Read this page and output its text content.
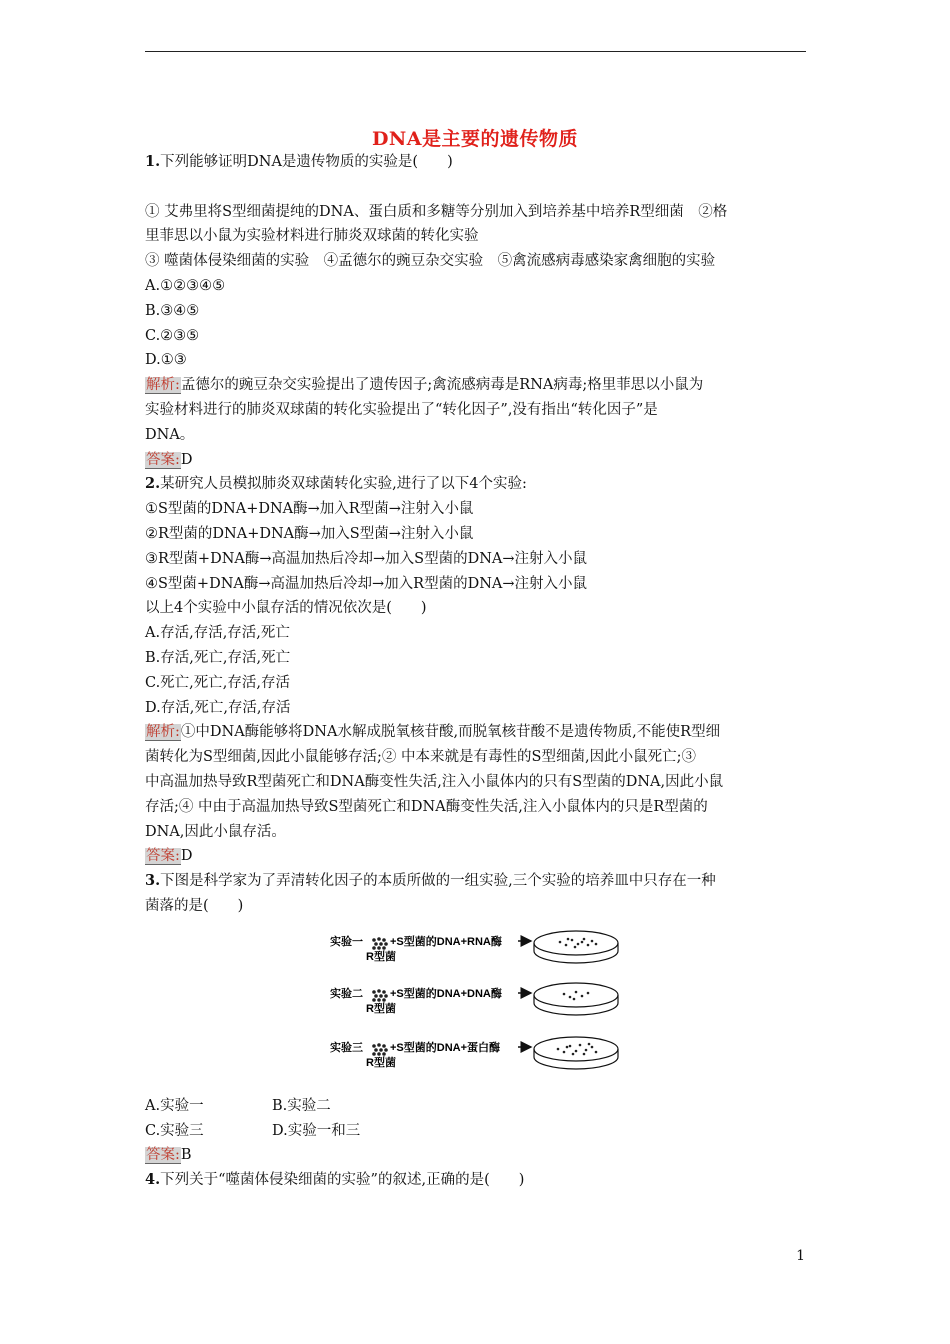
DNA是主要的遗传物质

1.下列能够证明DNA是遗传物质的实验是(　　)

① 艾弗里将S型细菌提纯的DNA、蛋白质和多糖等分别加入到培养基中培养R型细菌　②格

里菲思以小鼠为实验材料进行肺炎双球菌的转化实验

③ 噬菌体侵染细菌的实验　④孟德尔的豌豆杂交实验　⑤禽流感病毒感染家禽细胞的实验

A.①②③④⑤

B.③④⑤

C.②③⑤

D.①③

解析:孟德尔的豌豆杂交实验提出了遗传因子;禽流感病毒是RNA病毒;格里菲思以小鼠为

实验材料进行的肺炎双球菌的转化实验提出了“转化因子”,没有指出“转化因子”是

DNA。

答案:D

2.某研究人员模拟肺炎双球菌转化实验,进行了以下4个实验:

①S型菌的DNA+DNA酶→加入R型菌→注射入小鼠

②R型菌的DNA+DNA酶→加入S型菌→注射入小鼠

③R型菌+DNA酶→高温加热后冷却→加入S型菌的DNA→注射入小鼠

④S型菌+DNA酶→高温加热后冷却→加入R型菌的DNA→注射入小鼠

以上4个实验中小鼠存活的情况依次是(　　)

A.存活,存活,存活,死亡

B.存活,死亡,存活,死亡

C.死亡,死亡,存活,存活

D.存活,死亡,存活,存活

解析:①中DNA酶能够将DNA水解成脱氧核苷酸,而脱氧核苷酸不是遗传物质,不能使R型细

菌转化为S型细菌,因此小鼠能够存活;② 中本来就是有毒性的S型细菌,因此小鼠死亡;③

中高温加热导致R型菌死亡和DNA酶变性失活,注入小鼠体内的只有S型菌的DNA,因此小鼠

存活;④ 中由于高温加热导致S型菌死亡和DNA酶变性失活,注入小鼠体内的只是R型菌的

DNA,因此小鼠存活。

答案:D

3.下图是科学家为了弄清转化因子的本质所做的一组实验,三个实验的培养皿中只存在一种

菌落的是(　　)

实验一 +S型菌的DNA+RNA酶
R型菌
实验二 +S型菌的DNA+DNA酶
R型菌
实验三 +S型菌的DNA+蛋白酶
R型菌
A.实验一	B.实验二
C.实验三	D.实验一和三

答案:B

4.下列关于“噬菌体侵染细菌的实验”的叙述,正确的是(　　)

1
